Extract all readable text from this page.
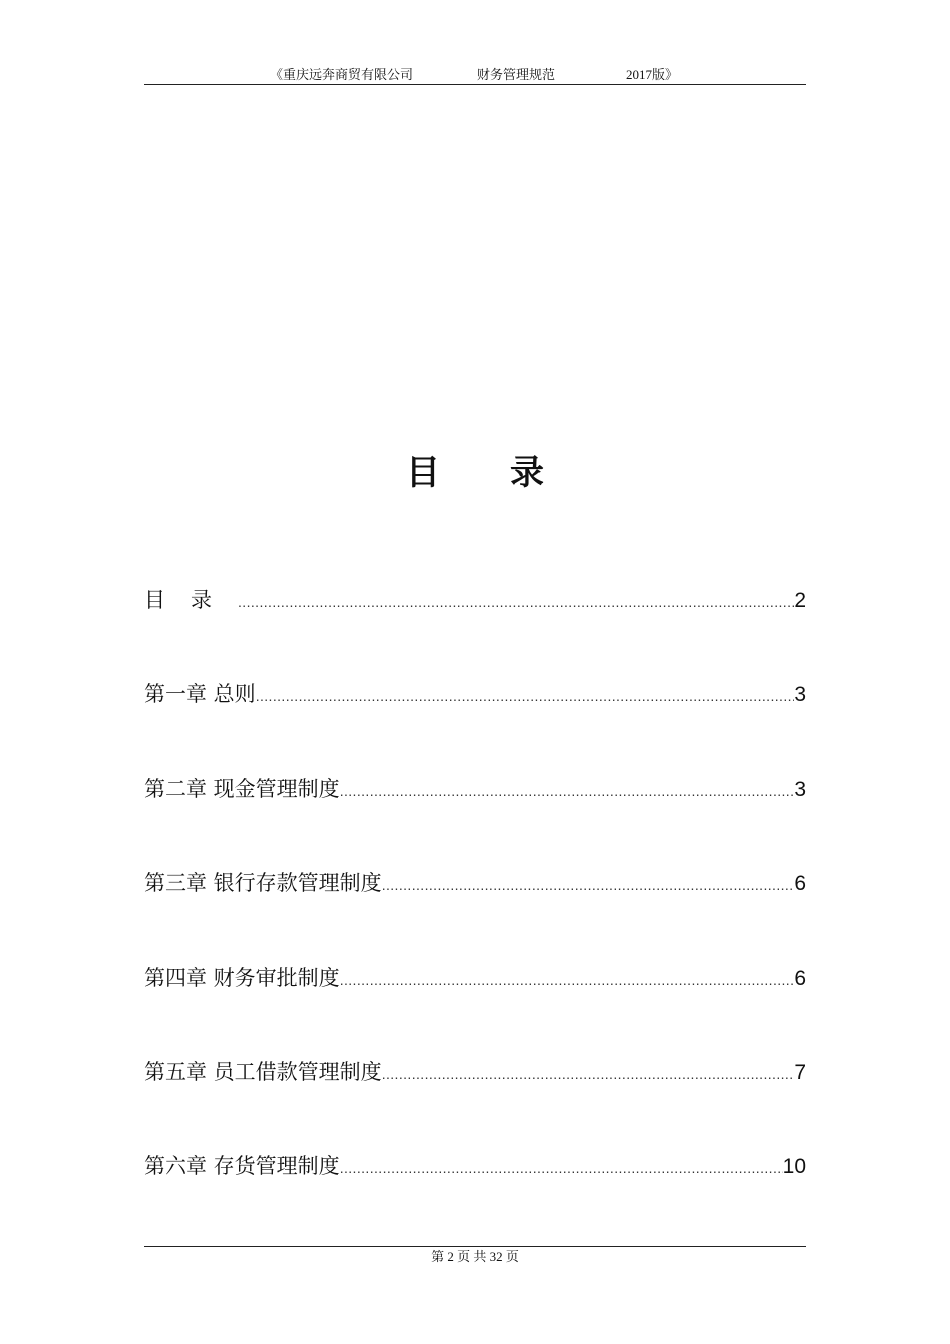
《重庆远奔商贸有限公司	财务管理规范	2017版》
目录
目录 .....	2
第一章 总则 .....	3
第二章 现金管理制度 .....	3
第三章 银行存款管理制度 .....	6
第四章 财务审批制度 .....	6
第五章 员工借款管理制度 .....	7
第六章 存货管理制度 .....	10
第 2 页 共 32 页
